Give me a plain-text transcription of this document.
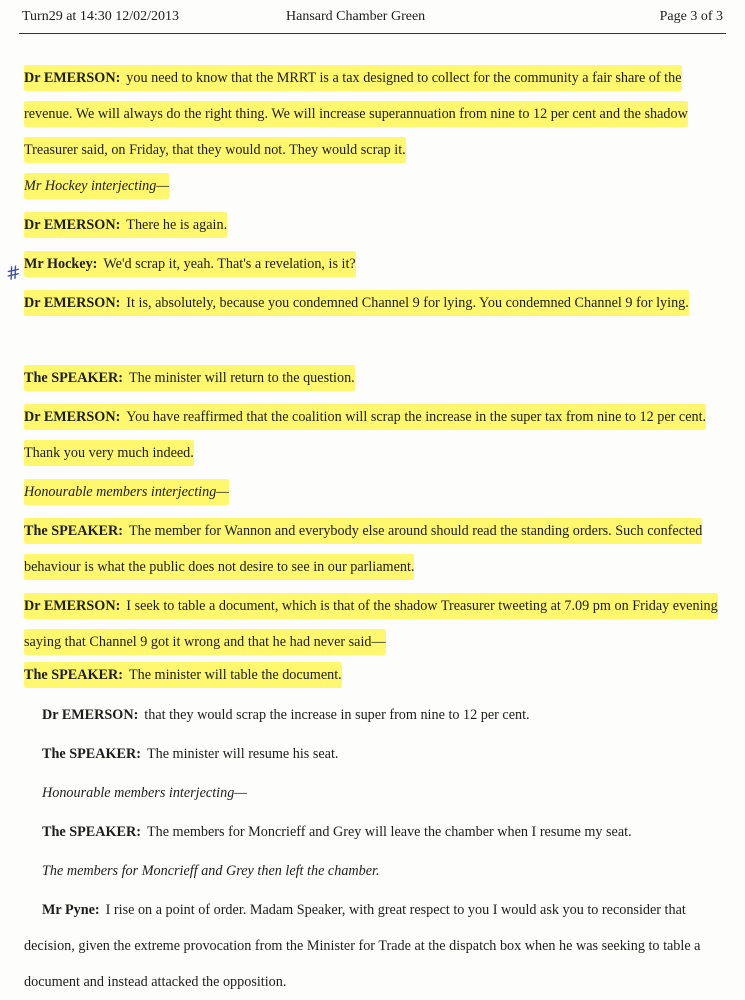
Turn29 at 14:30 12/02/2013	Hansard Chamber Green	Page 3 of 3
#
Dr EMERSON: you need to know that the MRRT is a tax designed to collect for the community a fair share of the revenue. We will always do the right thing. We will increase superannuation from nine to 12 per cent and the shadow Treasurer said, on Friday, that they would not. They would scrap it.
Mr Hockey interjecting—
Dr EMERSON: There he is again.
Mr Hockey: We'd scrap it, yeah. That's a revelation, is it?
Dr EMERSON: It is, absolutely, because you condemned Channel 9 for lying. You condemned Channel 9 for lying.
The SPEAKER: The minister will return to the question.
Dr EMERSON: You have reaffirmed that the coalition will scrap the increase in the super tax from nine to 12 per cent. Thank you very much indeed.
Honourable members interjecting—
The SPEAKER: The member for Wannon and everybody else around should read the standing orders. Such confected behaviour is what the public does not desire to see in our parliament.
Dr EMERSON: I seek to table a document, which is that of the shadow Treasurer tweeting at 7.09 pm on Friday evening saying that Channel 9 got it wrong and that he had never said—
The SPEAKER: The minister will table the document.
Dr EMERSON: that they would scrap the increase in super from nine to 12 per cent.
The SPEAKER: The minister will resume his seat.
Honourable members interjecting—
The SPEAKER: The members for Moncrieff and Grey will leave the chamber when I resume my seat.
The members for Moncrieff and Grey then left the chamber.
Mr Pyne: I rise on a point of order. Madam Speaker, with great respect to you I would ask you to reconsider that decision, given the extreme provocation from the Minister for Trade at the dispatch box when he was seeking to table a document and instead attacked the opposition.
